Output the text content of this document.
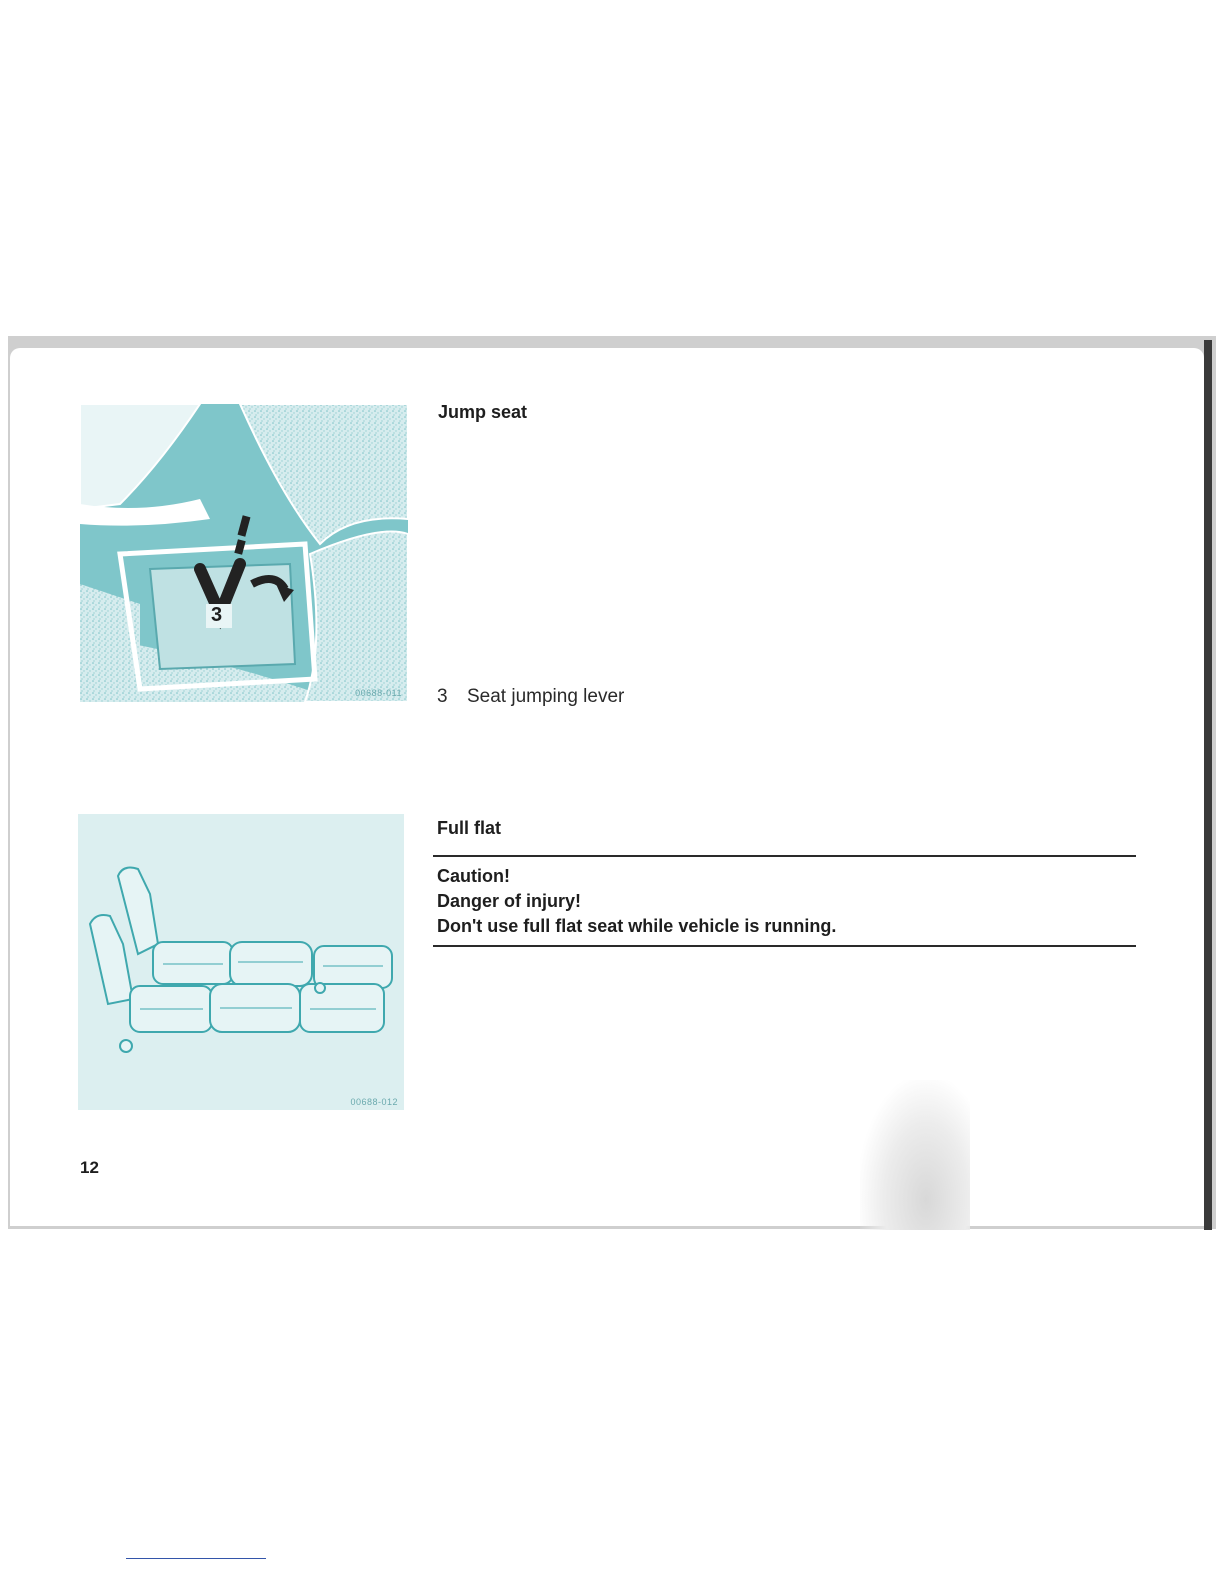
00688-011
3
Jump seat
3 Seat jumping lever
00688-012
Full flat
Caution!
Danger of injury!
Don't use full flat seat while vehicle is running.
12
